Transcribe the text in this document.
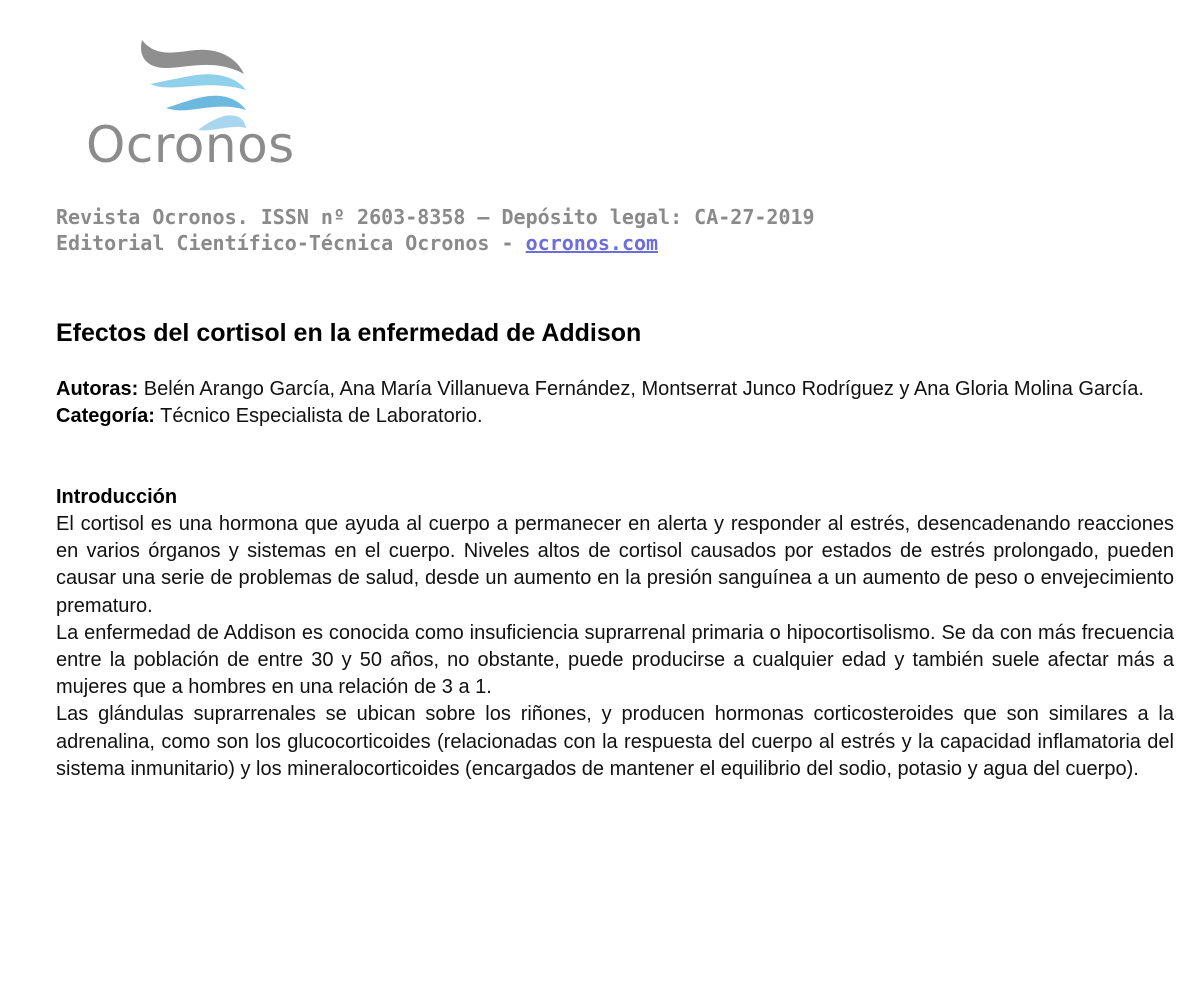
Ocronos
Revista Ocronos. ISSN nº 2603-8358 – Depósito legal: CA-27-2019
Editorial Científico-Técnica Ocronos - ocronos.com
Efectos del cortisol en la enfermedad de Addison
Autoras: Belén Arango García, Ana María Villanueva Fernández, Montserrat Junco Rodríguez y Ana Gloria Molina García.
Categoría: Técnico Especialista de Laboratorio.
Introducción

El cortisol es una hormona que ayuda al cuerpo a permanecer en alerta y responder al estrés, desencadenando reacciones en varios órganos y sistemas en el cuerpo. Niveles altos de cortisol causados por estados de estrés prolongado, pueden causar una serie de problemas de salud, desde un aumento en la presión sanguínea a un aumento de peso o envejecimiento prematuro.

La enfermedad de Addison es conocida como insuficiencia suprarrenal primaria o hipocortisolismo. Se da con más frecuencia entre la población de entre 30 y 50 años, no obstante, puede producirse a cualquier edad y también suele afectar más a mujeres que a hombres en una relación de 3 a 1.

Las glándulas suprarrenales se ubican sobre los riñones, y producen hormonas corticosteroides que son similares a la adrenalina, como son los glucocorticoides (relacionadas con la respuesta del cuerpo al estrés y la capacidad inflamatoria del sistema inmunitario) y los mineralocorticoides (encargados de mantener el equilibrio del sodio, potasio y agua del cuerpo).
